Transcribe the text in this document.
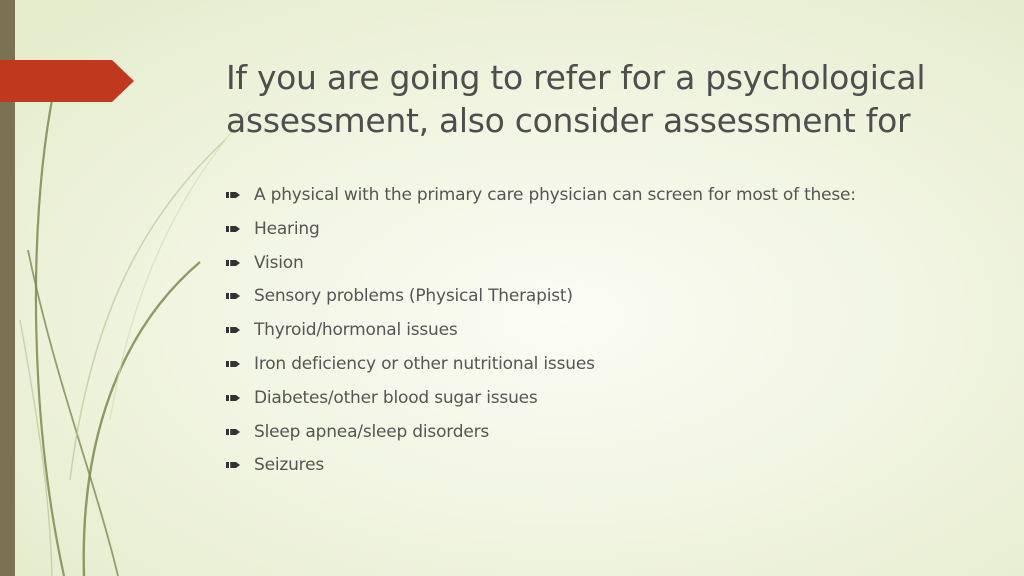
If you are going to refer for a psychological
assessment, also consider assessment for
A physical with the primary care physician can screen for most of these:
Hearing
Vision
Sensory problems (Physical Therapist)
Thyroid/hormonal issues
Iron deficiency or other nutritional issues
Diabetes/other blood sugar issues
Sleep apnea/sleep disorders
Seizures
